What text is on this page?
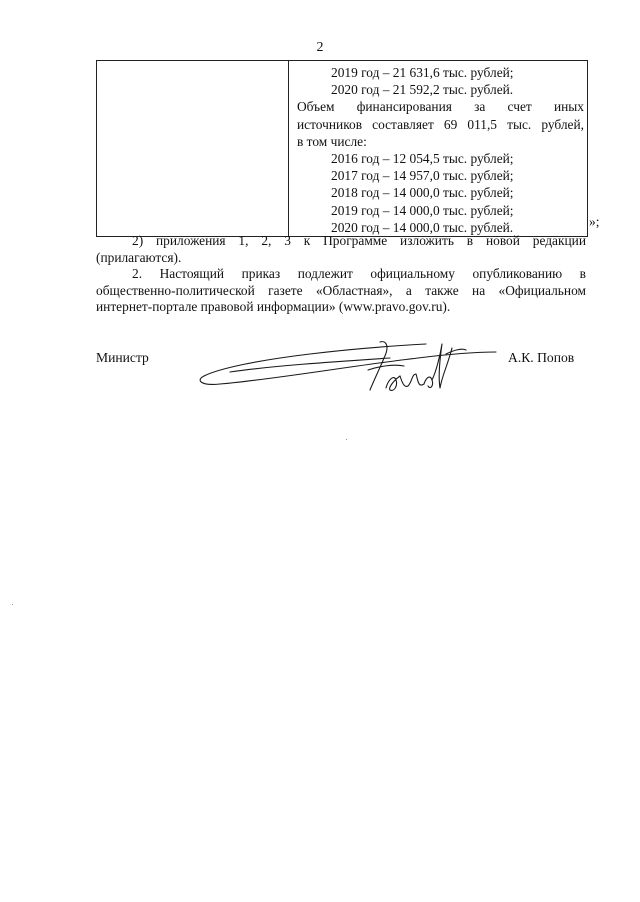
2

2019 год – 21 631,6 тыс. рублей;
2020 год – 21 592,2 тыс. рублей.
Объем финансирования за счет иных
источников составляет 69 011,5 тыс. рублей,
в том числе:
2016 год – 12 054,5 тыс. рублей;
2017 год – 14 957,0 тыс. рублей;
2018 год – 14 000,0 тыс. рублей;
2019 год – 14 000,0 тыс. рублей;
2020 год – 14 000,0 тыс. рублей.	»;
2) приложения 1, 2, 3 к Программе изложить в новой редакции
(прилагаются).
2. Настоящий приказ подлежит официальному опубликованию в
общественно-политической газете «Областная», а также на «Официальном
интернет-портале правовой информации» (www.pravo.gov.ru).
Министр	А.К. Попов
